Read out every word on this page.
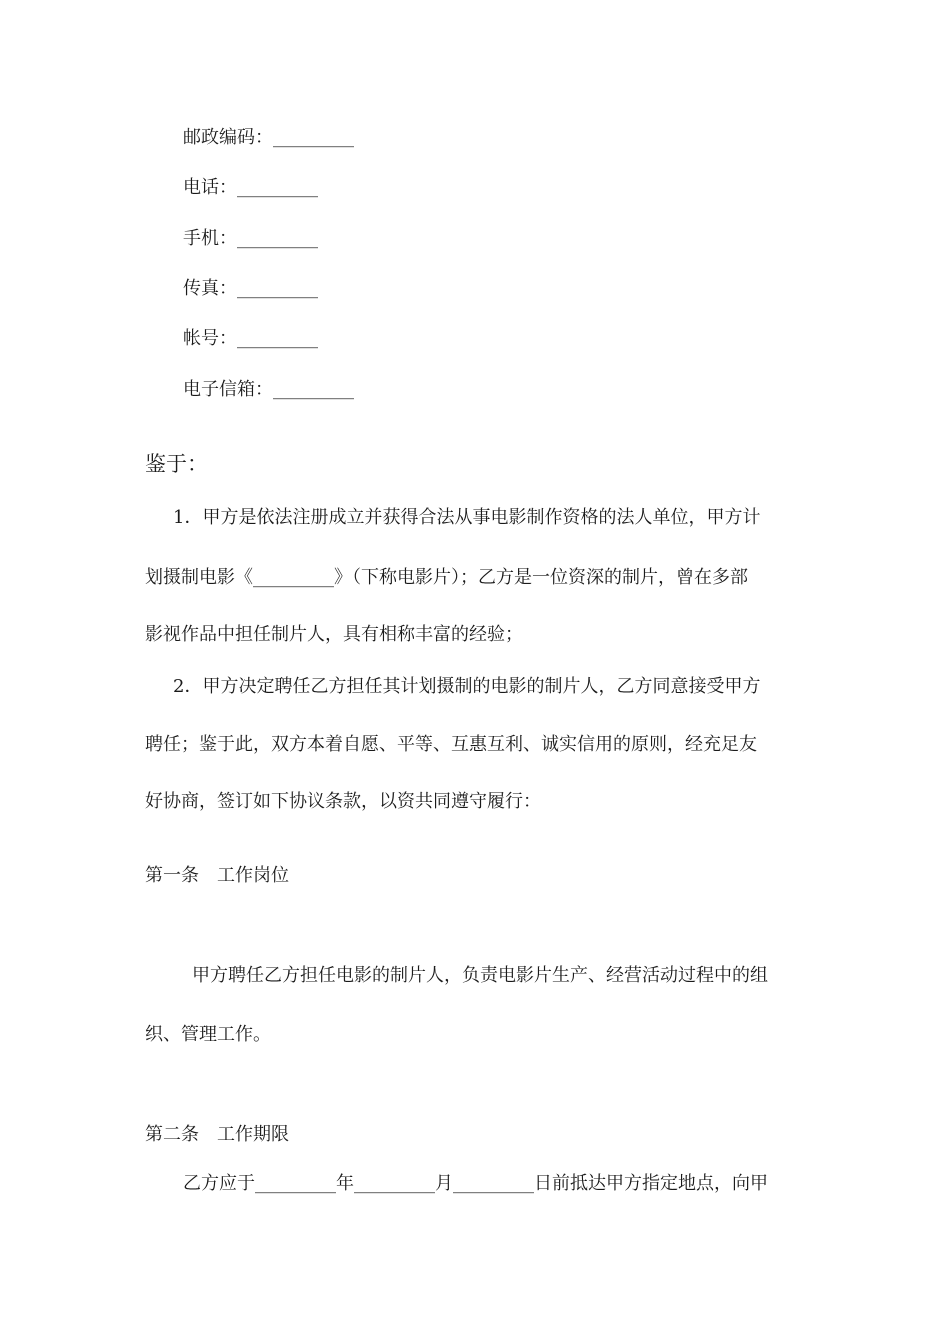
邮政编码：_________
电话：_________
手机：_________
传真：_________
帐号：_________
电子信箱：_________
鉴于：
1．甲方是依法注册成立并获得合法从事电影制作资格的法人单位，甲方计
划摄制电影《_________》（下称电影片）；乙方是一位资深的制片，曾在多部
影视作品中担任制片人，具有相称丰富的经验；
2．甲方决定聘任乙方担任其计划摄制的电影的制片人，乙方同意接受甲方
聘任；鉴于此，双方本着自愿、平等、互惠互利、诚实信用的原则，经充足友
好协商，签订如下协议条款，以资共同遵守履行：
第一条　工作岗位
甲方聘任乙方担任电影的制片人，负责电影片生产、经营活动过程中的组
织、管理工作。
第二条　工作期限
乙方应于_________年_________月_________日前抵达甲方指定地点，向甲
